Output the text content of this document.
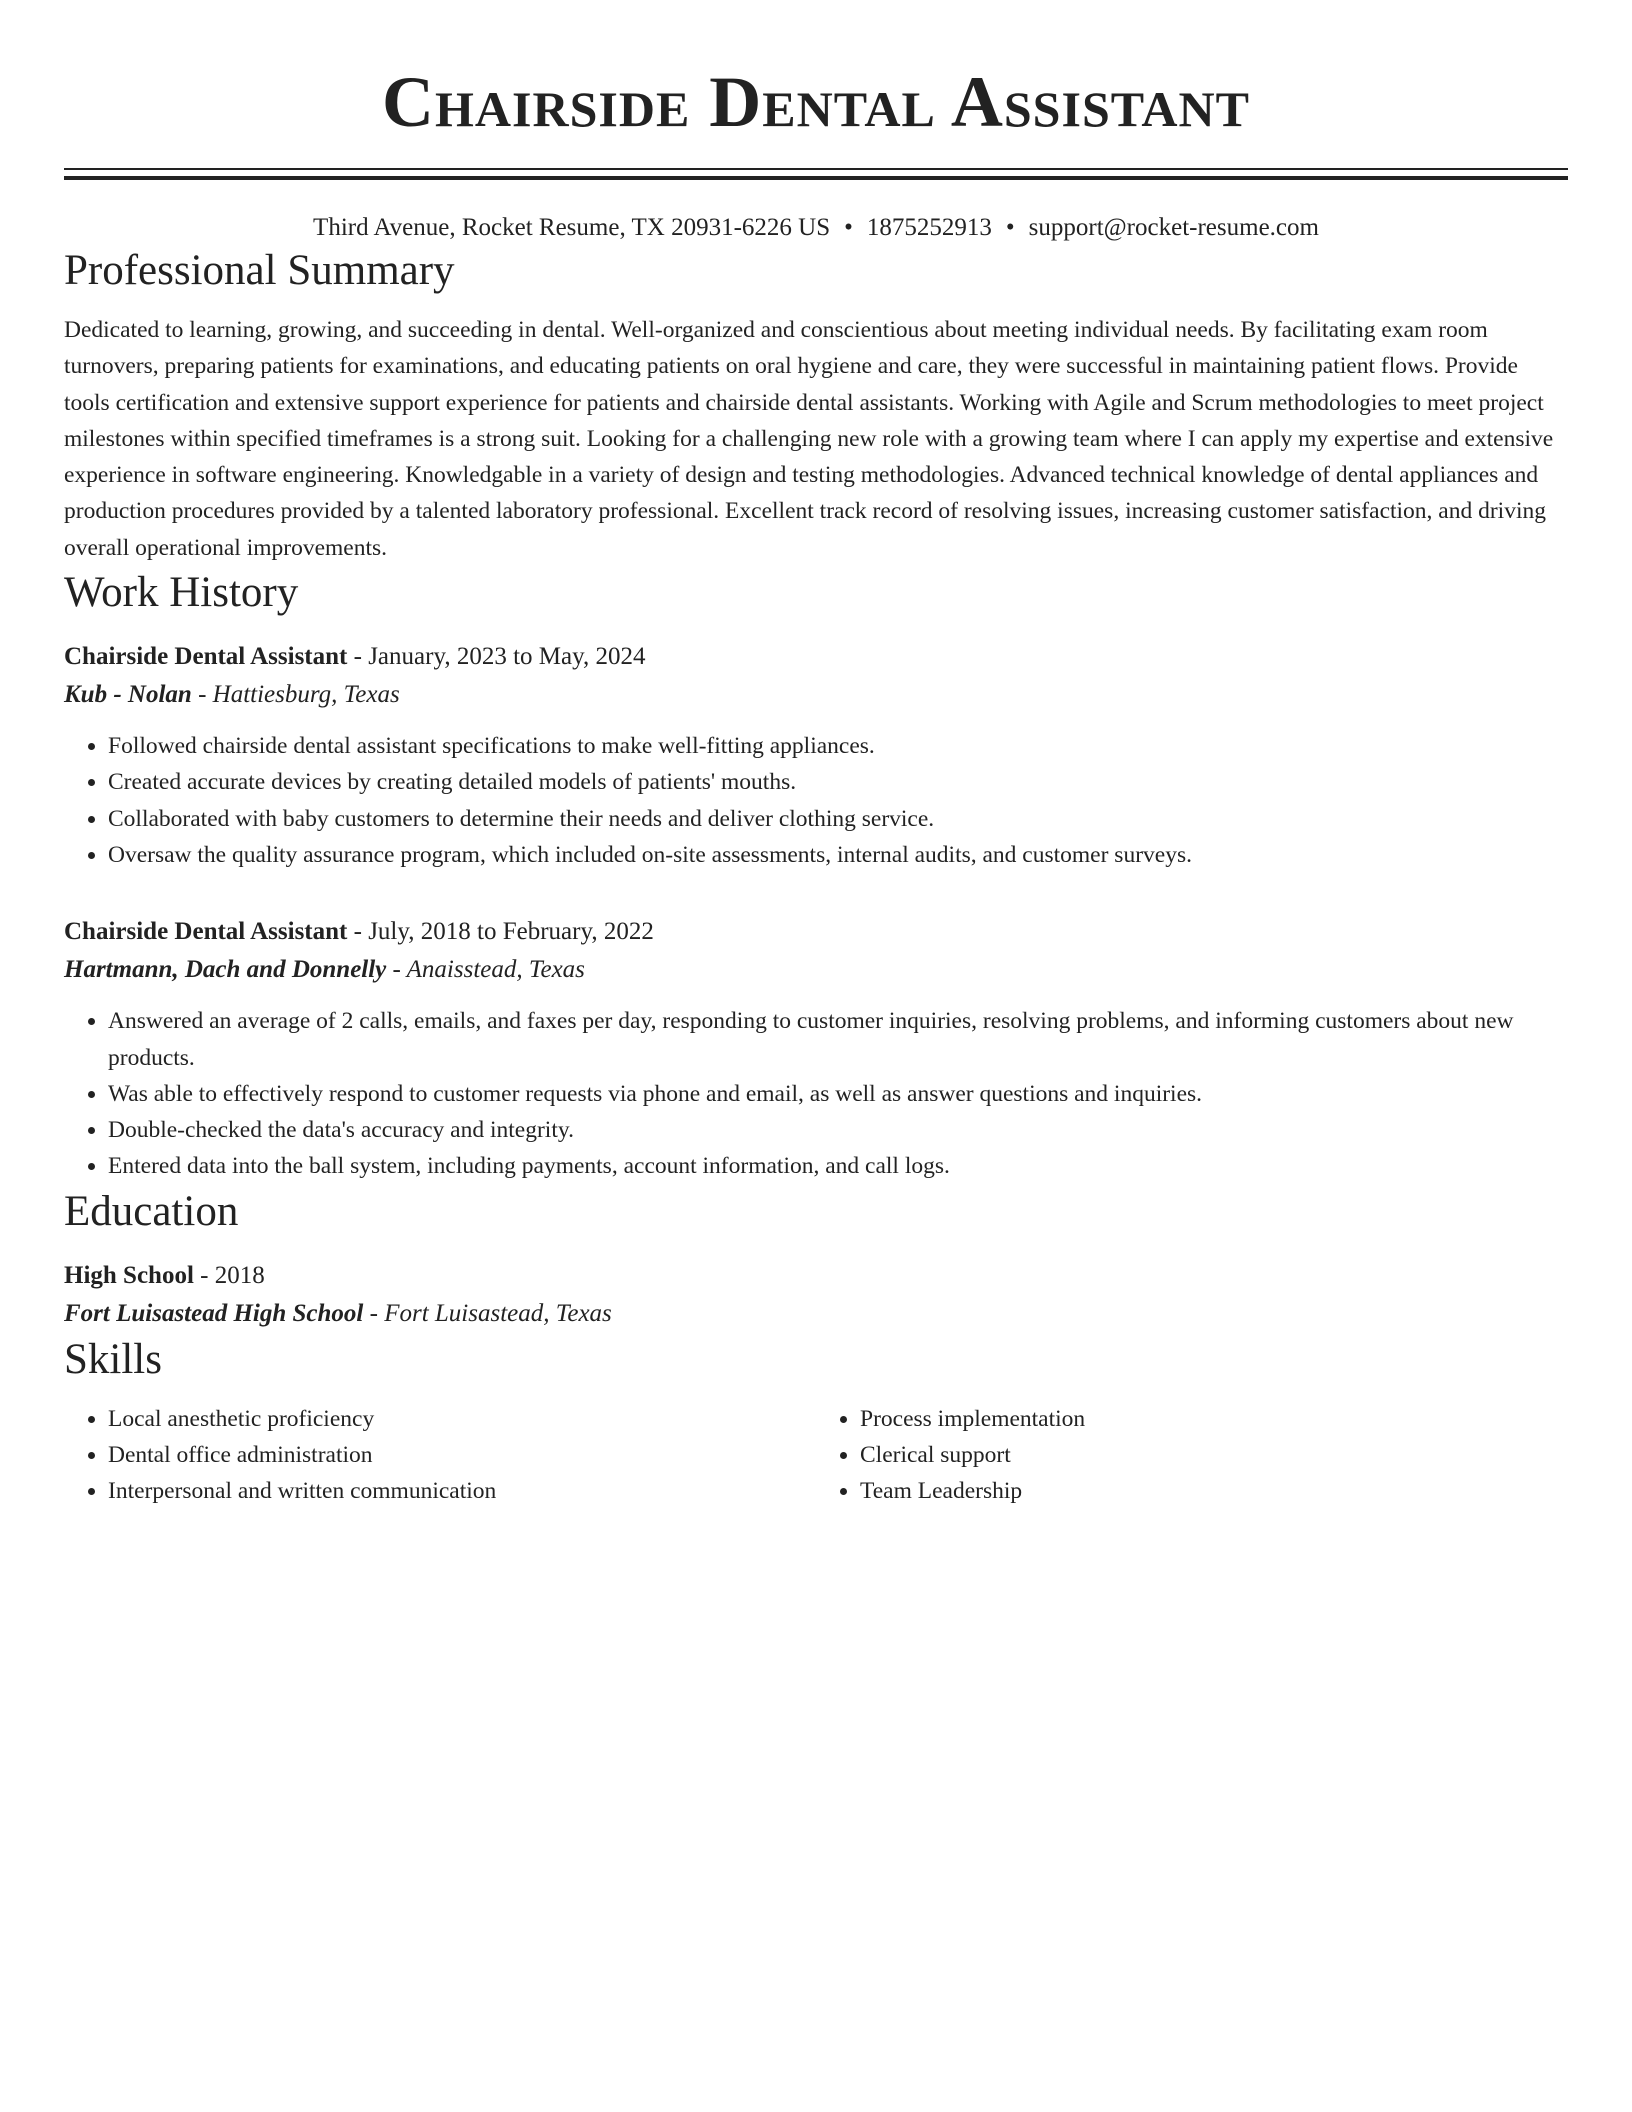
Chairside Dental Assistant
Third Avenue, Rocket Resume, TX 20931-6226 US • 1875252913 • support@rocket-resume.com
Professional Summary

Dedicated to learning, growing, and succeeding in dental. Well-organized and conscientious about meeting individual needs. By facilitating exam room turnovers, preparing patients for examinations, and educating patients on oral hygiene and care, they were successful in maintaining patient flows. Provide tools certification and extensive support experience for patients and chairside dental assistants. Working with Agile and Scrum methodologies to meet project milestones within specified timeframes is a strong suit. Looking for a challenging new role with a growing team where I can apply my expertise and extensive experience in software engineering. Knowledgable in a variety of design and testing methodologies. Advanced technical knowledge of dental appliances and production procedures provided by a talented laboratory professional. Excellent track record of resolving issues, increasing customer satisfaction, and driving overall operational improvements.

Work History
Chairside Dental Assistant - January, 2023 to May, 2024
Kub - Nolan - Hattiesburg, Texas
• Followed chairside dental assistant specifications to make well-fitting appliances.
• Created accurate devices by creating detailed models of patients' mouths.
• Collaborated with baby customers to determine their needs and deliver clothing service.
• Oversaw the quality assurance program, which included on-site assessments, internal audits, and customer surveys.
Chairside Dental Assistant - July, 2018 to February, 2022
Hartmann, Dach and Donnelly - Anaisstead, Texas
• Answered an average of 2 calls, emails, and faxes per day, responding to customer inquiries, resolving problems, and informing customers about new products.
• Was able to effectively respond to customer requests via phone and email, as well as answer questions and inquiries.
• Double-checked the data's accuracy and integrity.
• Entered data into the ball system, including payments, account information, and call logs.
Education
High School - 2018
Fort Luisastead High School - Fort Luisastead, Texas
Skills
• Local anesthetic proficiency
• Dental office administration
• Interpersonal and written communication
• Process implementation
• Clerical support
• Team Leadership
